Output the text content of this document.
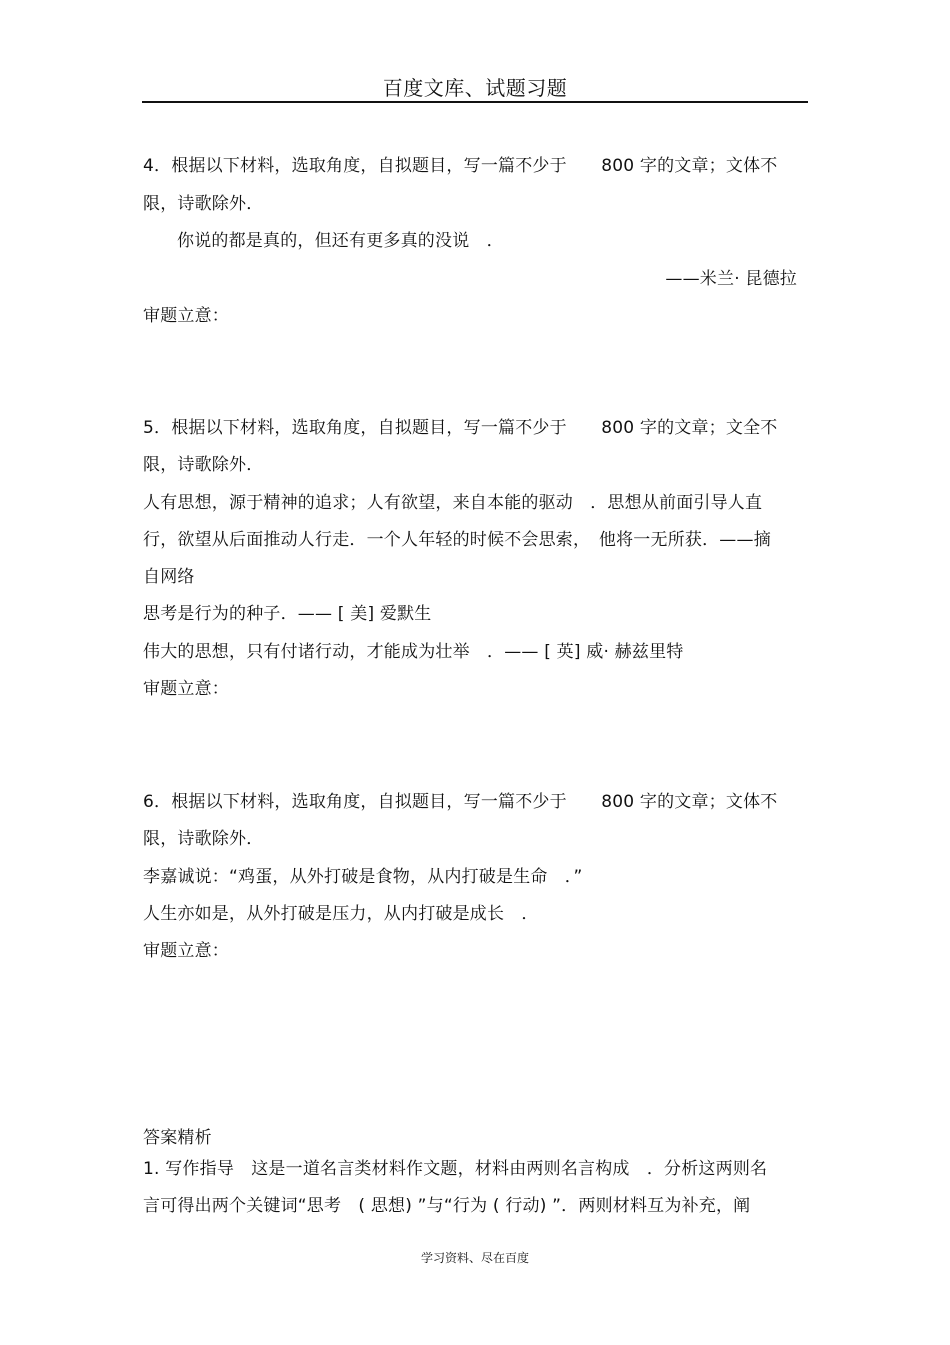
百度文库、试题习题
4．根据以下材料，选取角度，自拟题目，写一篇不少于　　800 字的文章；文体不
限，诗歌除外．
你说的都是真的，但还有更多真的没说　．
——米兰· 昆德拉
审题立意：
5．根据以下材料，选取角度，自拟题目，写一篇不少于　　800 字的文章；文全不
限，诗歌除外．
人有思想，源于精神的追求；人有欲望，来自本能的驱动　．思想从前面引导人直
行，欲望从后面推动人行走．一个人年轻的时候不会思索，　他将一无所获．——摘
自网络
思考是行为的种子．—— [ 美] 爱默生
伟大的思想，只有付诸行动，才能成为壮举　．—— [ 英] 威· 赫兹里特
审题立意：
6．根据以下材料，选取角度，自拟题目，写一篇不少于　　800 字的文章；文体不
限，诗歌除外．
李嘉诚说：“鸡蛋，从外打破是食物，从内打破是生命　．”
人生亦如是，从外打破是压力，从内打破是成长　．
审题立意：
答案精析
1. 写作指导　这是一道名言类材料作文题，材料由两则名言构成　．分析这两则名
言可得出两个关键词“思考　( 思想) ”与“行为 ( 行动) ”．两则材料互为补充，阐
学习资料、尽在百度
